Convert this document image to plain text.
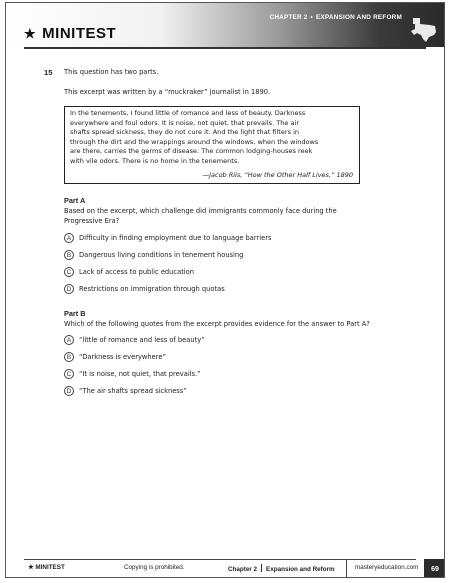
CHAPTER 2 • EXPANSION AND REFORM
★ MINITEST
15 This question has two parts.
This excerpt was written by a “muckraker” journalist in 1890.
In the tenements, I found little of romance and less of beauty. Darkness
everywhere and foul odors. It is noise, not quiet, that prevails. The air
shafts spread sickness, they do not cure it. And the light that filters in
through the dirt and the wrappings around the windows, when the windows
are there, carries the germs of disease. The common lodging-houses reek
with vile odors. There is no home in the tenements.
—Jacob Riis, “How the Other Half Lives,” 1890
Part A
Based on the excerpt, which challenge did immigrants commonly face during the
Progressive Era?
A	Difficulty in finding employment due to language barriers
B	Dangerous living conditions in tenement housing
C	Lack of access to public education
D	Restrictions on immigration through quotas
Part B
Which of the following quotes from the excerpt provides evidence for the answer to Part A?
A	“little of romance and less of beauty”
B	“Darkness is everywhere”
C	“It is noise, not quiet, that prevails.”
D	“The air shafts spread sickness”
★ MINITEST	Copying is prohibited.	Chapter 2 Expansion and Reform	masteryeducation.com	69
